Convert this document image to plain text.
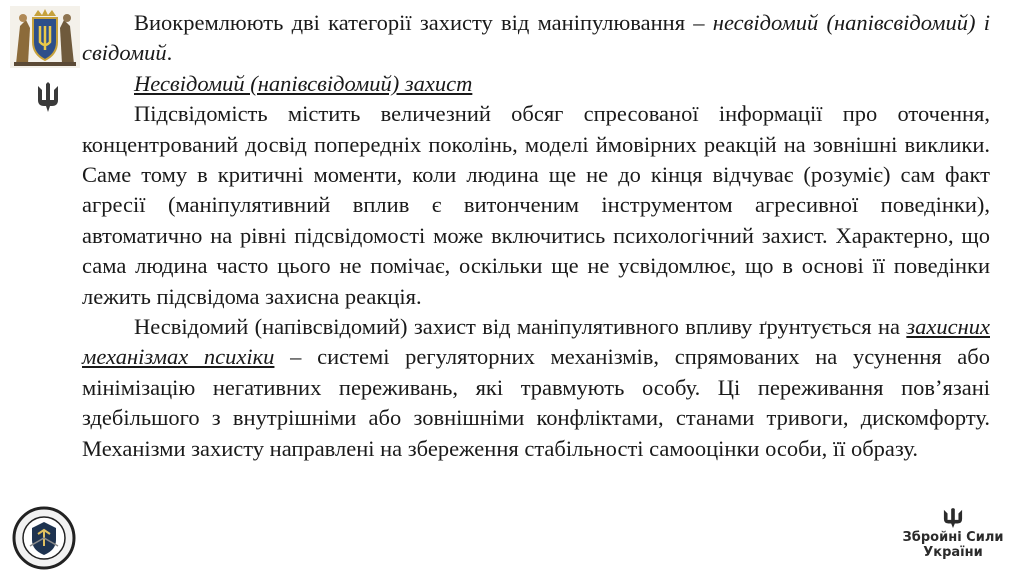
Збройні Сили
України

Виокремлюють дві категорії захисту від маніпулювання – несвідомий (напівсвідомий) і свідомий.

Несвідомий (напівсвідомий) захист

Підсвідомість містить величезний обсяг спресованої інформації про оточення, концентрований досвід попередніх поколінь, моделі ймовірних реакцій на зовнішні виклики. Саме тому в критичні моменти, коли людина ще не до кінця відчуває (розуміє) сам факт агресії (маніпулятивний вплив є витонченим інструментом агресивної поведінки), автоматично на рівні підсвідомості може включитись психологічний захист. Характерно, що сама людина часто цього не помічає, оскільки ще не усвідомлює, що в основі її поведінки лежить підсвідома захисна реакція.

Несвідомий (напівсвідомий) захист від маніпулятивного впливу ґрунтується на захисних механізмах психіки – системі регуляторних механізмів, спрямованих на усунення або мінімізацію негативних переживань, які травмують особу. Ці переживання пов’язані здебільшого з внутрішніми або зовнішніми конфліктами, станами тривоги, дискомфорту. Механізми захисту направлені на збереження стабільності самооцінки особи, її образу.
